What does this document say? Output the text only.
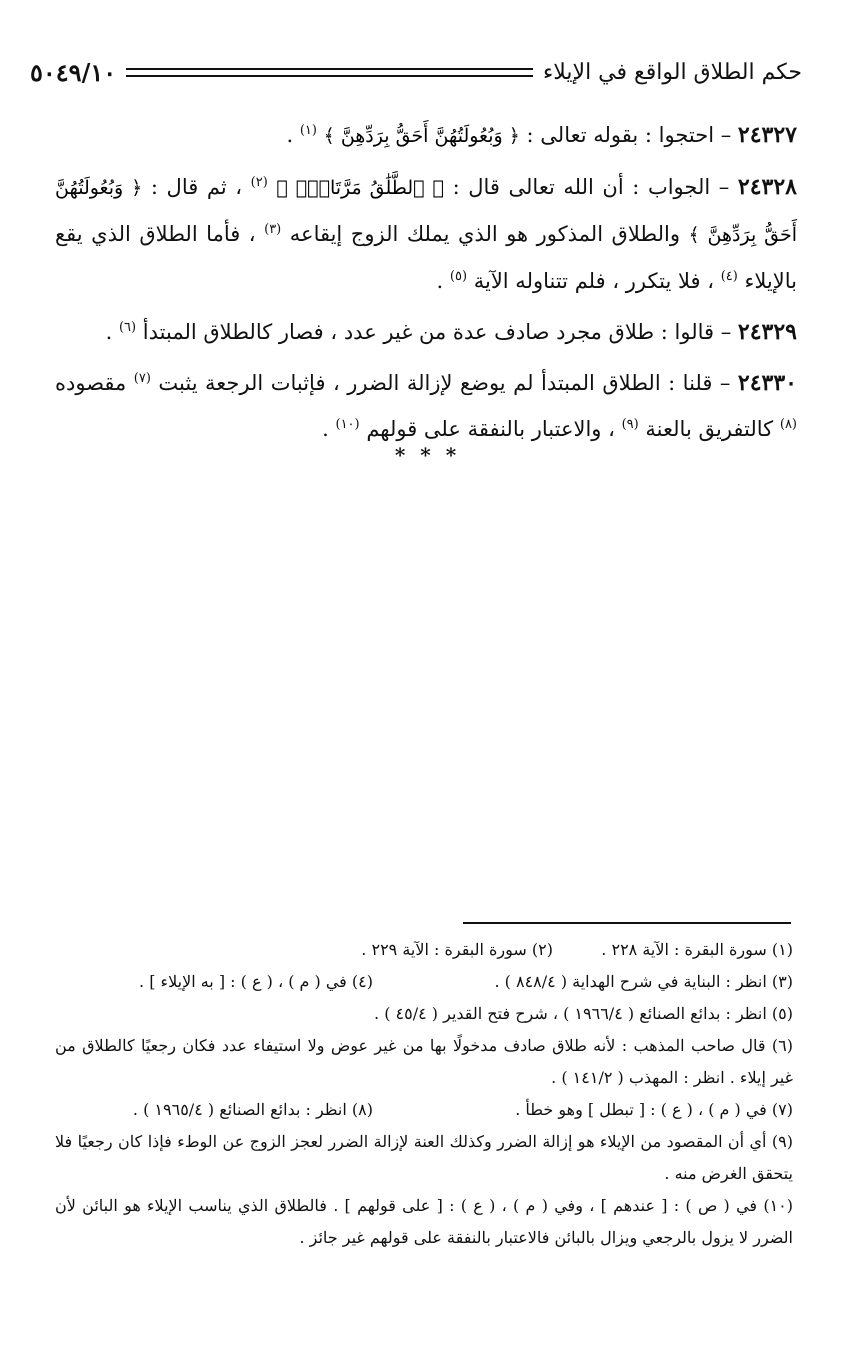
٥٠٤٩/١٠	حكم الطلاق الواقع في الإيلاء

٢٤٣٢٧ – احتجوا : بقوله تعالى : ﴿ وَبُعُولَتُهُنَّ أَحَقُّ بِرَدِّهِنَّ ﴾ $^{(١)}$ .

٢٤٣٢٨ – الجواب : أن الله تعالى قال : ﴿ ٱلطَّلَٰقُ مَرَّتَانِۖ ﴾ $^{(٢)}$ ، ثم قال : ﴿ وَبُعُولَتُهُنَّ أَحَقُّ بِرَدِّهِنَّ ﴾ والطلاق المذكور هو الذي يملك الزوج إيقاعه $^{(٣)}$ ، فأما الطلاق الذي يقع بالإيلاء $^{(٤)}$ ، فلا يتكرر ، فلم تتناوله الآية $^{(٥)}$ .

٢٤٣٢٩ – قالوا : طلاق مجرد صادف عدة من غير عدد ، فصار كالطلاق المبتدأ $^{(٦)}$ .

٢٤٣٣٠ – قلنا : الطلاق المبتدأ لم يوضع لإزالة الضرر ، فإثبات الرجعة يثبت $^{(٧)}$ مقصوده $^{(٨)}$ كالتفريق بالعنة $^{(٩)}$ ، والاعتبار بالنفقة على قولهم $^{(١٠)}$ .

* * *
(١) سورة البقرة : الآية ٢٢٨ .
(٢) سورة البقرة : الآية ٢٢٩ .
(٣) انظر : البناية في شرح الهداية ( ٨٤٨/٤ ) .
(٤) في ( م ) ، ( ع ) : [ به الإيلاء ] .
(٥) انظر : بدائع الصنائع ( ١٩٦٦/٤ ) ، شرح فتح القدير ( ٤٥/٤ ) .
(٦) قال صاحب المذهب : لأنه طلاق صادف مدخولًا بها من غير عوض ولا استيفاء عدد فكان رجعيًا كالطلاق من غير إيلاء . انظر : المهذب ( ١٤١/٢ ) .
(٧) في ( م ) ، ( ع ) : [ تبطل ] وهو خطأ .
(٨) انظر : بدائع الصنائع ( ١٩٦٥/٤ ) .
(٩) أي أن المقصود من الإيلاء هو إزالة الضرر وكذلك العنة لإزالة الضرر لعجز الزوج عن الوطء فإذا كان رجعيًا فلا يتحقق الغرض منه .
(١٠) في ( ص ) : [ عندهم ] ، وفي ( م ) ، ( ع ) : [ على قولهم ] . فالطلاق الذي يناسب الإيلاء هو البائن لأن الضرر لا يزول بالرجعي ويزال بالبائن فالاعتبار بالنفقة على قولهم غير جائز .
